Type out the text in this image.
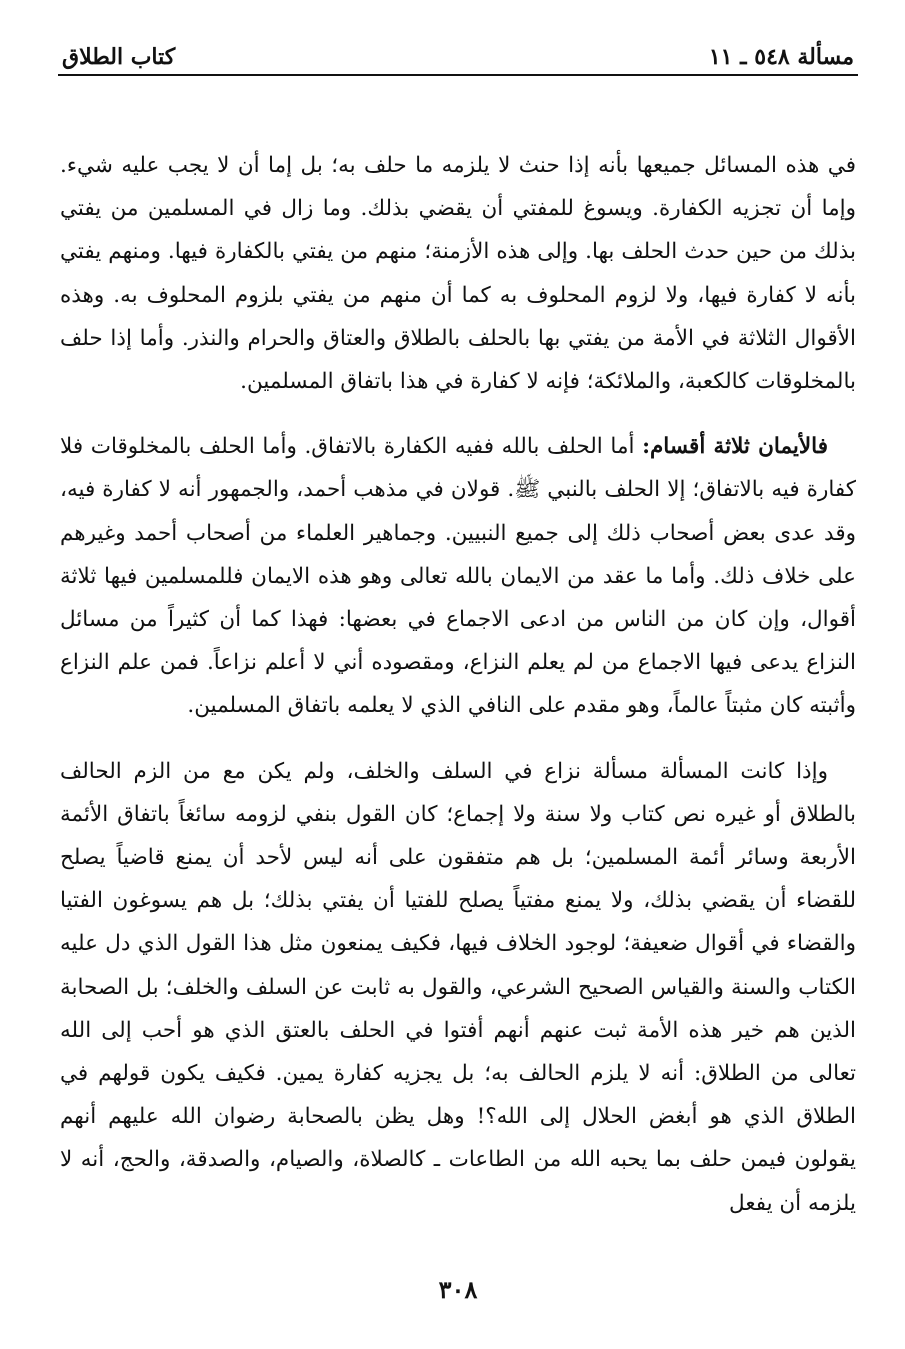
مسألة ٥٤٨ ـ ١١
كتاب الطلاق

في هذه المسائل جميعها بأنه إذا حنث لا يلزمه ما حلف به؛ بل إما أن لا يجب عليه شيء. وإما أن تجزيه الكفارة. ويسوغ للمفتي أن يقضي بذلك. وما زال في المسلمين من يفتي بذلك من حين حدث الحلف بها. وإلى هذه الأزمنة؛ منهم من يفتي بالكفارة فيها. ومنهم يفتي بأنه لا كفارة فيها، ولا لزوم المحلوف به كما أن منهم من يفتي بلزوم المحلوف به. وهذه الأقوال الثلاثة في الأمة من يفتي بها بالحلف بالطلاق والعتاق والحرام والنذر. وأما إذا حلف بالمخلوقات كالكعبة، والملائكة؛ فإنه لا كفارة في هذا باتفاق المسلمين.

فالأيمان ثلاثة أقسام: أما الحلف بالله ففيه الكفارة بالاتفاق. وأما الحلف بالمخلوقات فلا كفارة فيه بالاتفاق؛ إلا الحلف بالنبي ﷺ. قولان في مذهب أحمد، والجمهور أنه لا كفارة فيه، وقد عدى بعض أصحاب ذلك إلى جميع النبيين. وجماهير العلماء من أصحاب أحمد وغيرهم على خلاف ذلك. وأما ما عقد من الايمان بالله تعالى وهو هذه الايمان فللمسلمين فيها ثلاثة أقوال، وإن كان من الناس من ادعى الاجماع في بعضها: فهذا كما أن كثيراً من مسائل النزاع يدعى فيها الاجماع من لم يعلم النزاع، ومقصوده أني لا أعلم نزاعاً. فمن علم النزاع وأثبته كان مثبتاً عالماً، وهو مقدم على النافي الذي لا يعلمه باتفاق المسلمين.

وإذا كانت المسألة مسألة نزاع في السلف والخلف، ولم يكن مع من الزم الحالف بالطلاق أو غيره نص كتاب ولا سنة ولا إجماع؛ كان القول بنفي لزومه سائغاً باتفاق الأئمة الأربعة وسائر أئمة المسلمين؛ بل هم متفقون على أنه ليس لأحد أن يمنع قاضياً يصلح للقضاء أن يقضي بذلك، ولا يمنع مفتياً يصلح للفتيا أن يفتي بذلك؛ بل هم يسوغون الفتيا والقضاء في أقوال ضعيفة؛ لوجود الخلاف فيها، فكيف يمنعون مثل هذا القول الذي دل عليه الكتاب والسنة والقياس الصحيح الشرعي، والقول به ثابت عن السلف والخلف؛ بل الصحابة الذين هم خير هذه الأمة ثبت عنهم أنهم أفتوا في الحلف بالعتق الذي هو أحب إلى الله تعالى من الطلاق: أنه لا يلزم الحالف به؛ بل يجزيه كفارة يمين. فكيف يكون قولهم في الطلاق الذي هو أبغض الحلال إلى الله؟! وهل يظن بالصحابة رضوان الله عليهم أنهم يقولون فيمن حلف بما يحبه الله من الطاعات ـ كالصلاة، والصيام، والصدقة، والحج، أنه لا يلزمه أن يفعل

٣٠٨
